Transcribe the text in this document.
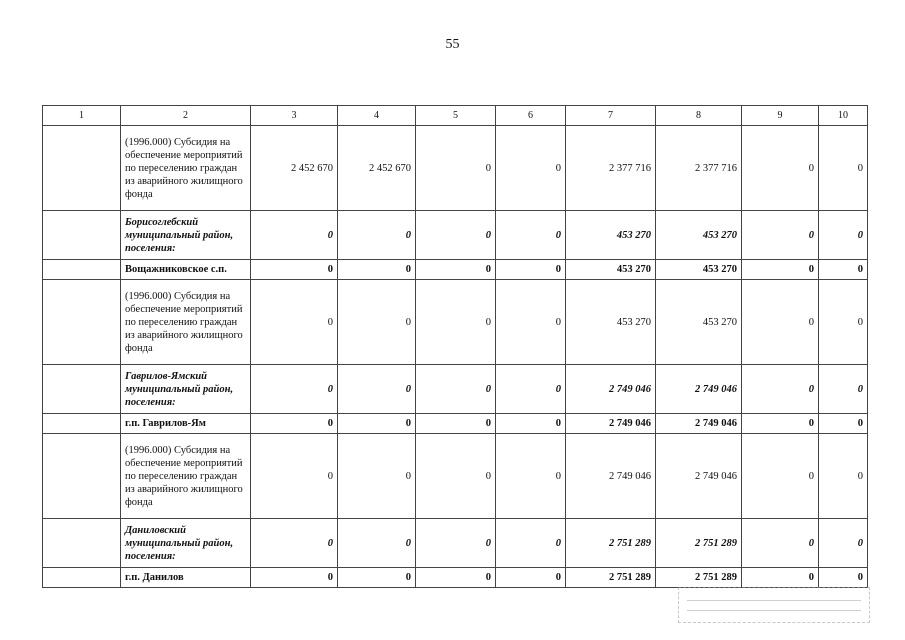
55
1	2	3	4	5	6	7	8	9	10
	(1996.000) Субсидия на обеспечение мероприятий по переселению граждан из аварийного жилищного фонда	2 452 670	2 452 670	0	0	2 377 716	2 377 716	0	0
	Борисоглебский муниципальный район, поселения:	0	0	0	0	453 270	453 270	0	0
	Вощажниковское с.п.	0	0	0	0	453 270	453 270	0	0
	(1996.000) Субсидия на обеспечение мероприятий по переселению граждан из аварийного жилищного фонда	0	0	0	0	453 270	453 270	0	0
	Гаврилов-Ямский муниципальный район, поселения:	0	0	0	0	2 749 046	2 749 046	0	0
	г.п. Гаврилов-Ям	0	0	0	0	2 749 046	2 749 046	0	0
	(1996.000) Субсидия на обеспечение мероприятий по переселению граждан из аварийного жилищного фонда	0	0	0	0	2 749 046	2 749 046	0	0
	Даниловский муниципальный район, поселения:	0	0	0	0	2 751 289	2 751 289	0	0
	г.п. Данилов	0	0	0	0	2 751 289	2 751 289	0	0
